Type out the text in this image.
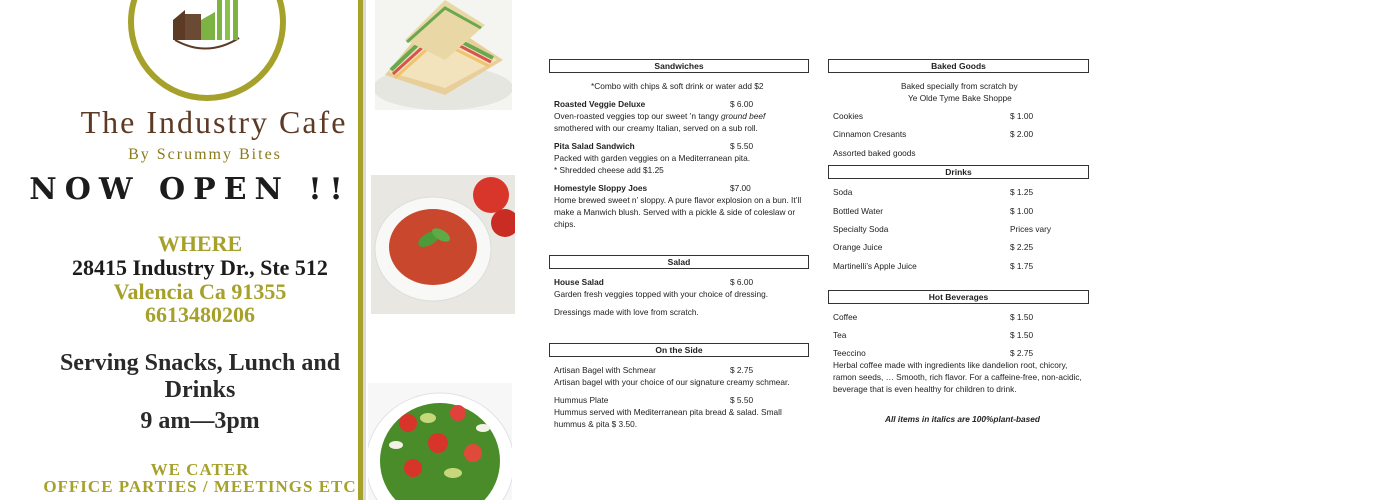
The Industry Cafe
By Scrummy Bites
NOW OPEN !!
WHERE
28415 Industry Dr., Ste 512
Valencia Ca 91355
6613480206
Serving Snacks, Lunch and
Drinks
9 am—3pm
WE CATER
OFFICE PARTIES / MEETINGS ETC
Sandwiches
*Combo with chips & soft drink or water add $2
Roasted Veggie Deluxe	$ 6.00
Oven-roasted veggies top our sweet ’n tangy ground beef smothered with our creamy Italian, served on a sub roll.
Pita Salad Sandwich	$ 5.50
Packed with garden veggies on a Mediterranean pita.
* Shredded cheese add $1.25
Homestyle Sloppy Joes	$7.00
Home brewed sweet n’ sloppy. A pure flavor explosion on a bun. It’ll make a Manwich blush. Served with a pickle & side of coleslaw or chips.
Salad
House Salad	$ 6.00
Garden fresh veggies topped with your choice of dressing.
Dressings made with love from scratch.
On the Side
Artisan Bagel with Schmear	$ 2.75
Artisan bagel with your choice of our signature creamy schmear.
Hummus Plate	$ 5.50
Hummus served with Mediterranean pita bread & salad. Small hummus & pita $ 3.50.
Baked Goods
Baked specially from scratch by
Ye Olde Tyme Bake Shoppe
Cookies	$ 1.00
Cinnamon Cresants	$ 2.00
Assorted baked goods
Drinks
Soda	$ 1.25
Bottled Water	$ 1.00
Specialty Soda	Prices vary
Orange Juice	$ 2.25
Martinelli’s Apple Juice	$ 1.75
Hot Beverages
Coffee	$ 1.50
Tea	$ 1.50
Teeccino	$ 2.75
Herbal coffee made with ingredients like dandelion root, chicory, ramon seeds, … Smooth, rich flavor. For a caffeine-free, non-acidic, beverage that is even healthy for children to drink.
All items in italics are 100%plant-based
